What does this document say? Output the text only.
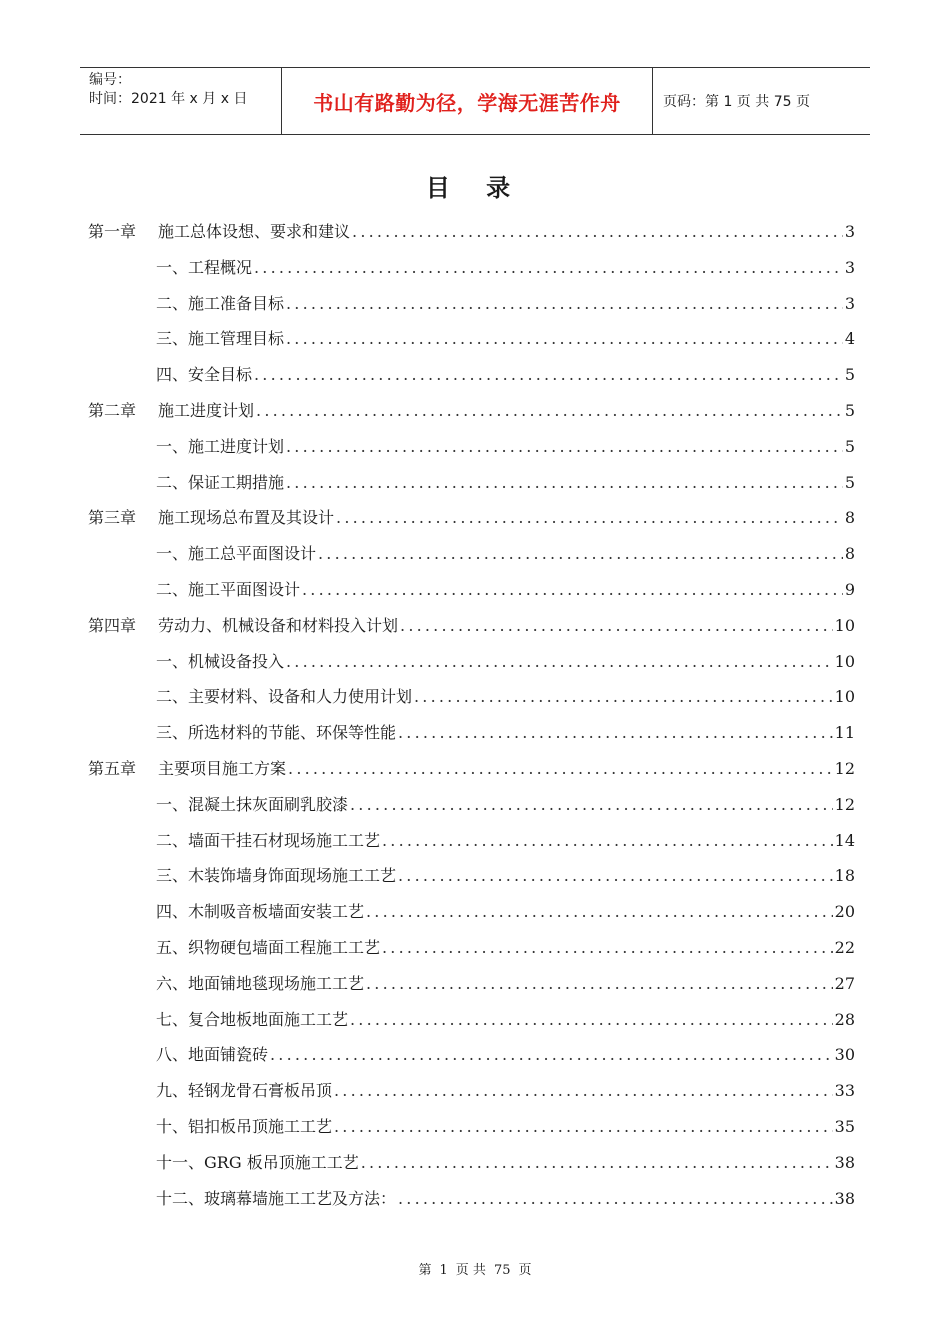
编号：
时间：2021 年 x 月 x 日	书山有路勤为径，学海无涯苦作舟	页码：第 1 页 共 75 页
目 录
第一章 施工总体设想、要求和建议 .....	3
一、工程概况 .....	3
二、施工准备目标 .....	3
三、施工管理目标 .....	4
四、安全目标 .....	5
第二章 施工进度计划 .....	5
一、施工进度计划 .....	5
二、保证工期措施 .....	5
第三章 施工现场总布置及其设计 .....	8
一、施工总平面图设计 .....	8
二、施工平面图设计 .....	9
第四章 劳动力、机械设备和材料投入计划 .....	10
一、机械设备投入 .....	10
二、主要材料、设备和人力使用计划 .....	10
三、所选材料的节能、环保等性能 .....	11
第五章 主要项目施工方案 .....	12
一、混凝土抹灰面刷乳胶漆 .....	12
二、墙面干挂石材现场施工工艺 .....	14
三、木装饰墙身饰面现场施工工艺 .....	18
四、木制吸音板墙面安装工艺 .....	20
五、织物硬包墙面工程施工工艺 .....	22
六、地面铺地毯现场施工工艺 .....	27
七、复合地板地面施工工艺 .....	28
八、地面铺瓷砖 .....	30
九、轻钢龙骨石膏板吊顶 .....	33
十、铝扣板吊顶施工工艺 .....	35
十一、GRG 板吊顶施工工艺 .....	38
十二、玻璃幕墙施工工艺及方法： .....	38
第 1 页 共 75 页
